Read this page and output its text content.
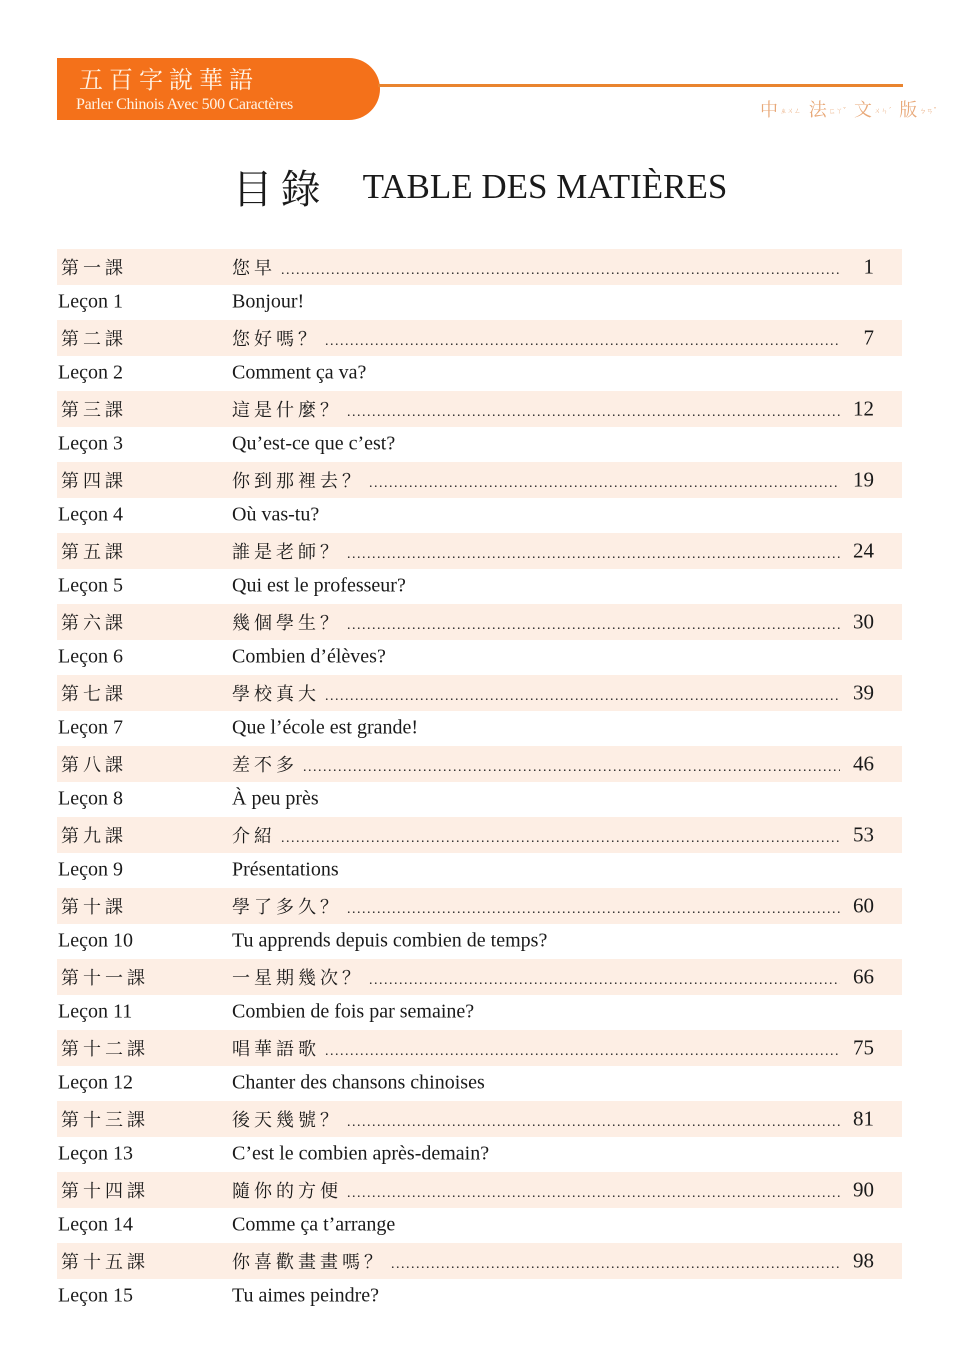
五百字說華語
Parler Chinois Avec 500 Caractères	中ㄓㄨㄥ 法ㄈㄚˇ 文ㄨㄣˊ 版ㄅㄢˇ
目錄 TABLE DES MATIÈRES
第一課	您早 .....	1
Leçon 1	Bonjour!
第二課	您好嗎？ .....	7
Leçon 2	Comment ça va?
第三課	這是什麼？ .....	12
Leçon 3	Qu’est-ce que c’est?
第四課	你到那裡去？ .....	19
Leçon 4	Où vas-tu?
第五課	誰是老師？ .....	24
Leçon 5	Qui est le professeur?
第六課	幾個學生？ .....	30
Leçon 6	Combien d’élèves?
第七課	學校真大 .....	39
Leçon 7	Que l’école est grande!
第八課	差不多 .....	46
Leçon 8	À peu près
第九課	介紹 .....	53
Leçon 9	Présentations
第十課	學了多久？ .....	60
Leçon 10	Tu apprends depuis combien de temps?
第十一課	一星期幾次？ .....	66
Leçon 11	Combien de fois par semaine?
第十二課	唱華語歌 .....	75
Leçon 12	Chanter des chansons chinoises
第十三課	後天幾號？ .....	81
Leçon 13	C’est le combien après-demain?
第十四課	隨你的方便 .....	90
Leçon 14	Comme ça t’arrange
第十五課	你喜歡畫畫嗎？ .....	98
Leçon 15	Tu aimes peindre?
